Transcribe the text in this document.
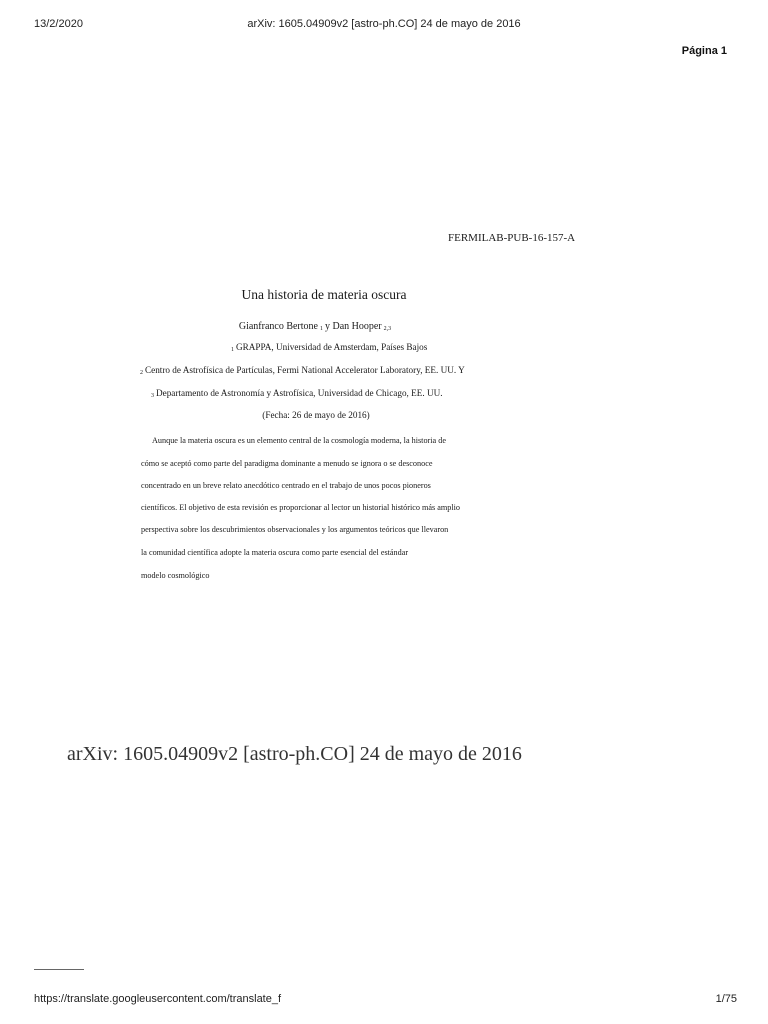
13/2/2020	arXiv: 1605.04909v2 [astro-ph.CO] 24 de mayo de 2016
Página 1
FERMILAB-PUB-16-157-A
Una historia de materia oscura
Gianfranco Bertone $^1$ y Dan Hooper $^{2,3}$
$^1$ GRAPPA, Universidad de Amsterdam, Países Bajos
$^2$ Centro de Astrofísica de Partículas, Fermi National Accelerator Laboratory, EE. UU. Y
$^3$ Departamento de Astronomía y Astrofísica, Universidad de Chicago, EE. UU.
(Fecha: 26 de mayo de 2016)
Aunque la materia oscura es un elemento central de la cosmología moderna, la historia de
cómo se aceptó como parte del paradigma dominante a menudo se ignora o se desconoce
concentrado en un breve relato anecdótico centrado en el trabajo de unos pocos pioneros
científicos. El objetivo de esta revisión es proporcionar al lector un historial histórico más amplio
perspectiva sobre los descubrimientos observacionales y los argumentos teóricos que llevaron
la comunidad científica adopte la materia oscura como parte esencial del estándar
modelo cosmológico
arXiv: 1605.04909v2 [astro-ph.CO] 24 de mayo de 2016
https://translate.googleusercontent.com/translate_f	1/75
